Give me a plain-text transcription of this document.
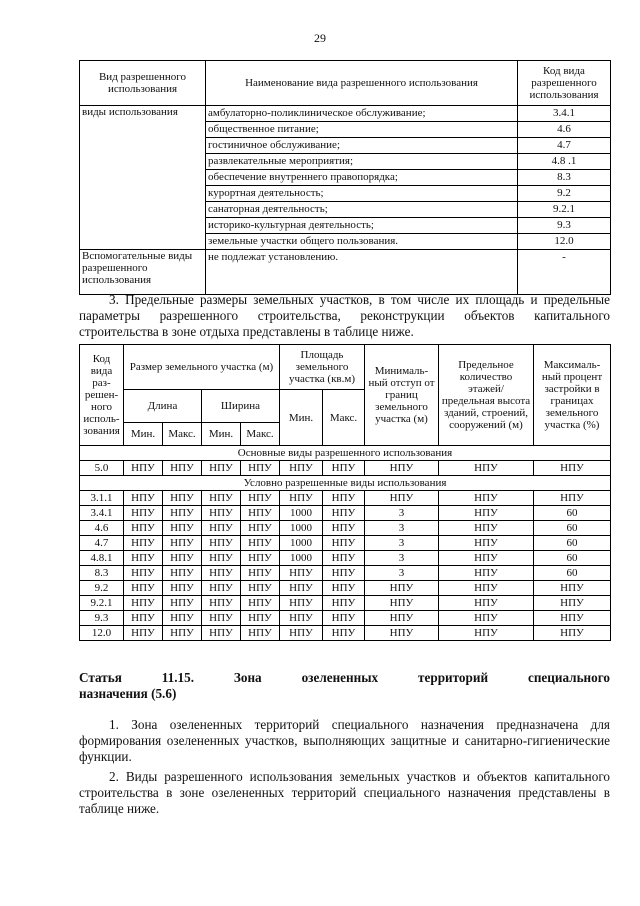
29
Вид разрешенного использования	Наименование вида разрешенного использования	Код вида разрешенного использования
виды использования	амбулаторно-поликлиническое обслуживание;	3.4.1
	общественное питание;	4.6
	гостиничное обслуживание;	4.7
	развлекательные мероприятия;	4.8 .1
	обеспечение внутреннего правопорядка;	8.3
	курортная деятельность;	9.2
	санаторная деятельность;	9.2.1
	историко-культурная деятельность;	9.3
	земельные участки общего пользования.	12.0
Вспомогательные виды разрешенного использования	не подлежат установлению.	-
3. Предельные размеры земельных участков, в том числе их площадь и предельные параметры разрешенного строительства, реконструкции объектов капитального строительства в зоне отдыха представлены в таблице ниже.
Код вида раз-решен-ного исполь-зования	Размер земельного участка (м)				Площадь земельного участка (кв.м)		Минималь-ный отступ от границ земельного участка (м)	Предельное количество этажей/ предельная высота зданий, строений, сооружений (м)	Максималь-ный процент застройки в границах земельного участка (%)
	Длина		Ширина		Мин.	Макс.			
	Мин.	Макс.	Мин.	Макс.					
Основные виды разрешенного использования									
5.0	НПУ	НПУ	НПУ	НПУ	НПУ	НПУ	НПУ	НПУ	НПУ
Условно разрешенные виды использования									
3.1.1	НПУ	НПУ	НПУ	НПУ	НПУ	НПУ	НПУ	НПУ	НПУ
3.4.1	НПУ	НПУ	НПУ	НПУ	1000	НПУ	3	НПУ	60
4.6	НПУ	НПУ	НПУ	НПУ	1000	НПУ	3	НПУ	60
4.7	НПУ	НПУ	НПУ	НПУ	1000	НПУ	3	НПУ	60
4.8.1	НПУ	НПУ	НПУ	НПУ	1000	НПУ	3	НПУ	60
8.3	НПУ	НПУ	НПУ	НПУ	НПУ	НПУ	3	НПУ	60
9.2	НПУ	НПУ	НПУ	НПУ	НПУ	НПУ	НПУ	НПУ	НПУ
9.2.1	НПУ	НПУ	НПУ	НПУ	НПУ	НПУ	НПУ	НПУ	НПУ
9.3	НПУ	НПУ	НПУ	НПУ	НПУ	НПУ	НПУ	НПУ	НПУ
12.0	НПУ	НПУ	НПУ	НПУ	НПУ	НПУ	НПУ	НПУ	НПУ
Статья 11.15. Зона озелененных территорий специального
назначения (5.6)
1. Зона озелененных территорий специального назначения предназначена для формирования озелененных участков, выполняющих защитные и санитарно-гигиенические функции.
2. Виды разрешенного использования земельных участков и объектов капитального строительства в зоне озелененных территорий специального назначения представлены в таблице ниже.
